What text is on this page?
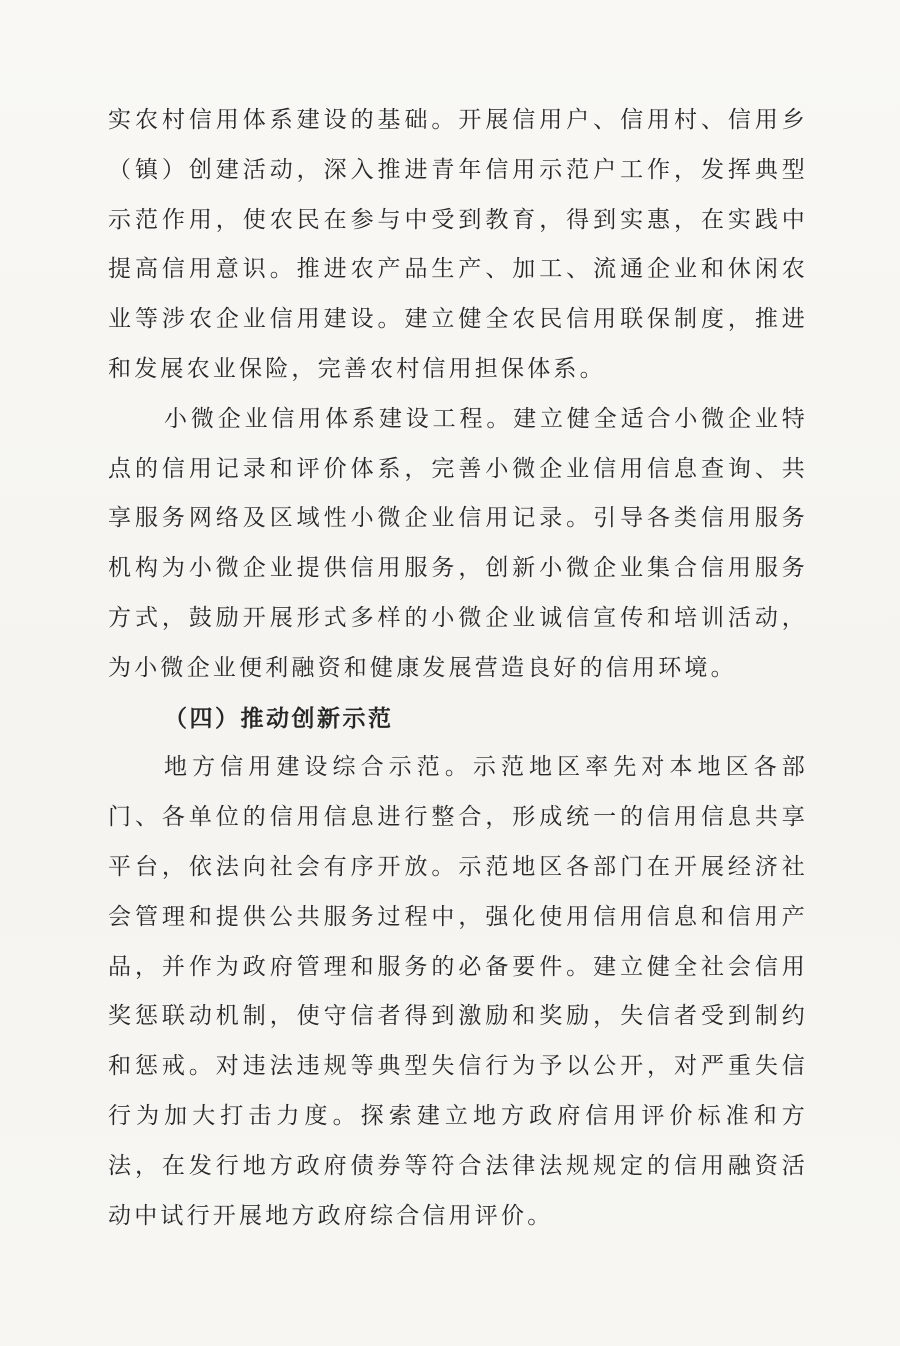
实农村信用体系建设的基础。开展信用户、信用村、信用乡（镇）创建活动，深入推进青年信用示范户工作，发挥典型示范作用，使农民在参与中受到教育，得到实惠，在实践中提高信用意识。推进农产品生产、加工、流通企业和休闲农业等涉农企业信用建设。建立健全农民信用联保制度，推进和发展农业保险，完善农村信用担保体系。

小微企业信用体系建设工程。建立健全适合小微企业特点的信用记录和评价体系，完善小微企业信用信息查询、共享服务网络及区域性小微企业信用记录。引导各类信用服务机构为小微企业提供信用服务，创新小微企业集合信用服务方式，鼓励开展形式多样的小微企业诚信宣传和培训活动，为小微企业便利融资和健康发展营造良好的信用环境。

（四）推动创新示范

地方信用建设综合示范。示范地区率先对本地区各部门、各单位的信用信息进行整合，形成统一的信用信息共享平台，依法向社会有序开放。示范地区各部门在开展经济社会管理和提供公共服务过程中，强化使用信用信息和信用产品，并作为政府管理和服务的必备要件。建立健全社会信用奖惩联动机制，使守信者得到激励和奖励，失信者受到制约和惩戒。对违法违规等典型失信行为予以公开，对严重失信行为加大打击力度。探索建立地方政府信用评价标准和方法，在发行地方政府债券等符合法律法规规定的信用融资活动中试行开展地方政府综合信用评价。
